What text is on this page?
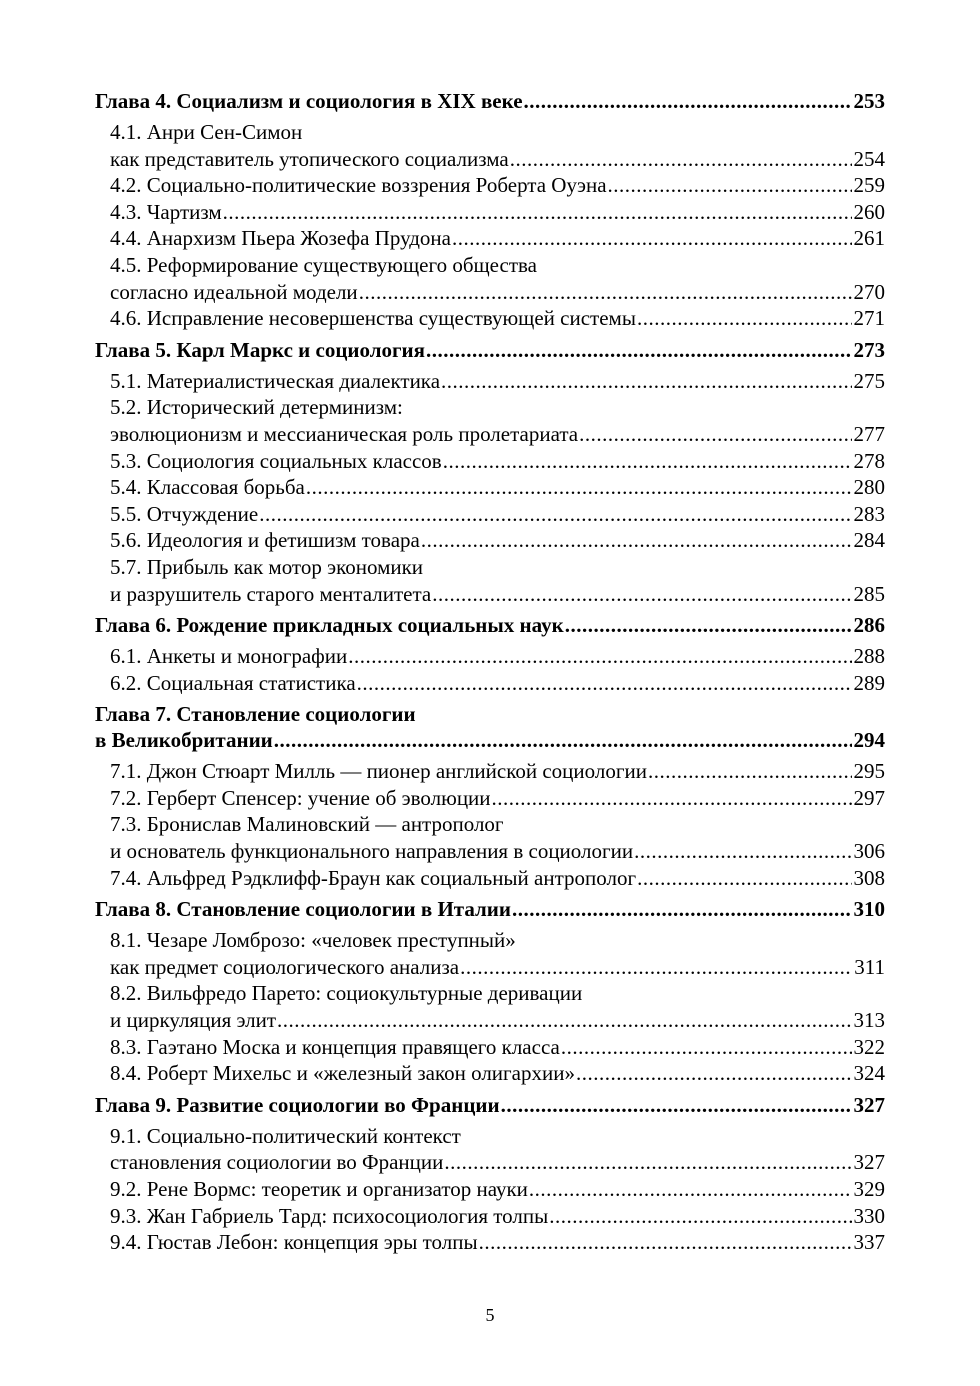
Глава 4. Социализм и социология в XIX веке .....	253
4.1. Анри Сен-Симон
как представитель утопического социализма .....	254
4.2. Социально-политические воззрения Роберта Оуэна .....	259
4.3. Чартизм .....	260
4.4. Анархизм Пьера Жозефа Прудона .....	261
4.5. Реформирование существующего общества
согласно идеальной модели .....	270
4.6. Исправление несовершенства существующей системы .....	271
Глава 5. Карл Маркс и социология .....	273
5.1. Материалистическая диалектика .....	275
5.2. Исторический детерминизм:
эволюционизм и мессианическая роль пролетариата .....	277
5.3. Социология социальных классов .....	278
5.4. Классовая борьба .....	280
5.5. Отчуждение .....	283
5.6. Идеология и фетишизм товара .....	284
5.7. Прибыль как мотор экономики
и разрушитель старого менталитета .....	285
Глава 6. Рождение прикладных социальных наук .....	286
6.1. Анкеты и монографии .....	288
6.2. Социальная статистика .....	289
Глава 7. Становление социологии
в Великобритании .....	294
7.1. Джон Стюарт Милль — пионер английской социологии .....	295
7.2. Герберт Спенсер: учение об эволюции .....	297
7.3. Бронислав Малиновский — антрополог
и основатель функционального направления в социологии .....	306
7.4. Альфред Рэдклифф-Браун как социальный антрополог .....	308
Глава 8. Становление социологии в Италии .....	310
8.1. Чезаре Ломброзо: «человек преступный»
как предмет социологического анализа .....	311
8.2. Вильфредо Парето: социокультурные деривации
и циркуляция элит .....	313
8.3. Гаэтано Моска и концепция правящего класса .....	322
8.4. Роберт Михельс и «железный закон олигархии» .....	324
Глава 9. Развитие социологии во Франции .....	327
9.1. Социально-политический контекст
становления социологии во Франции .....	327
9.2. Рене Вормс: теоретик и организатор науки .....	329
9.3. Жан Габриель Тард: психосоциология толпы .....	330
9.4. Гюстав Лебон: концепция эры толпы .....	337
5
